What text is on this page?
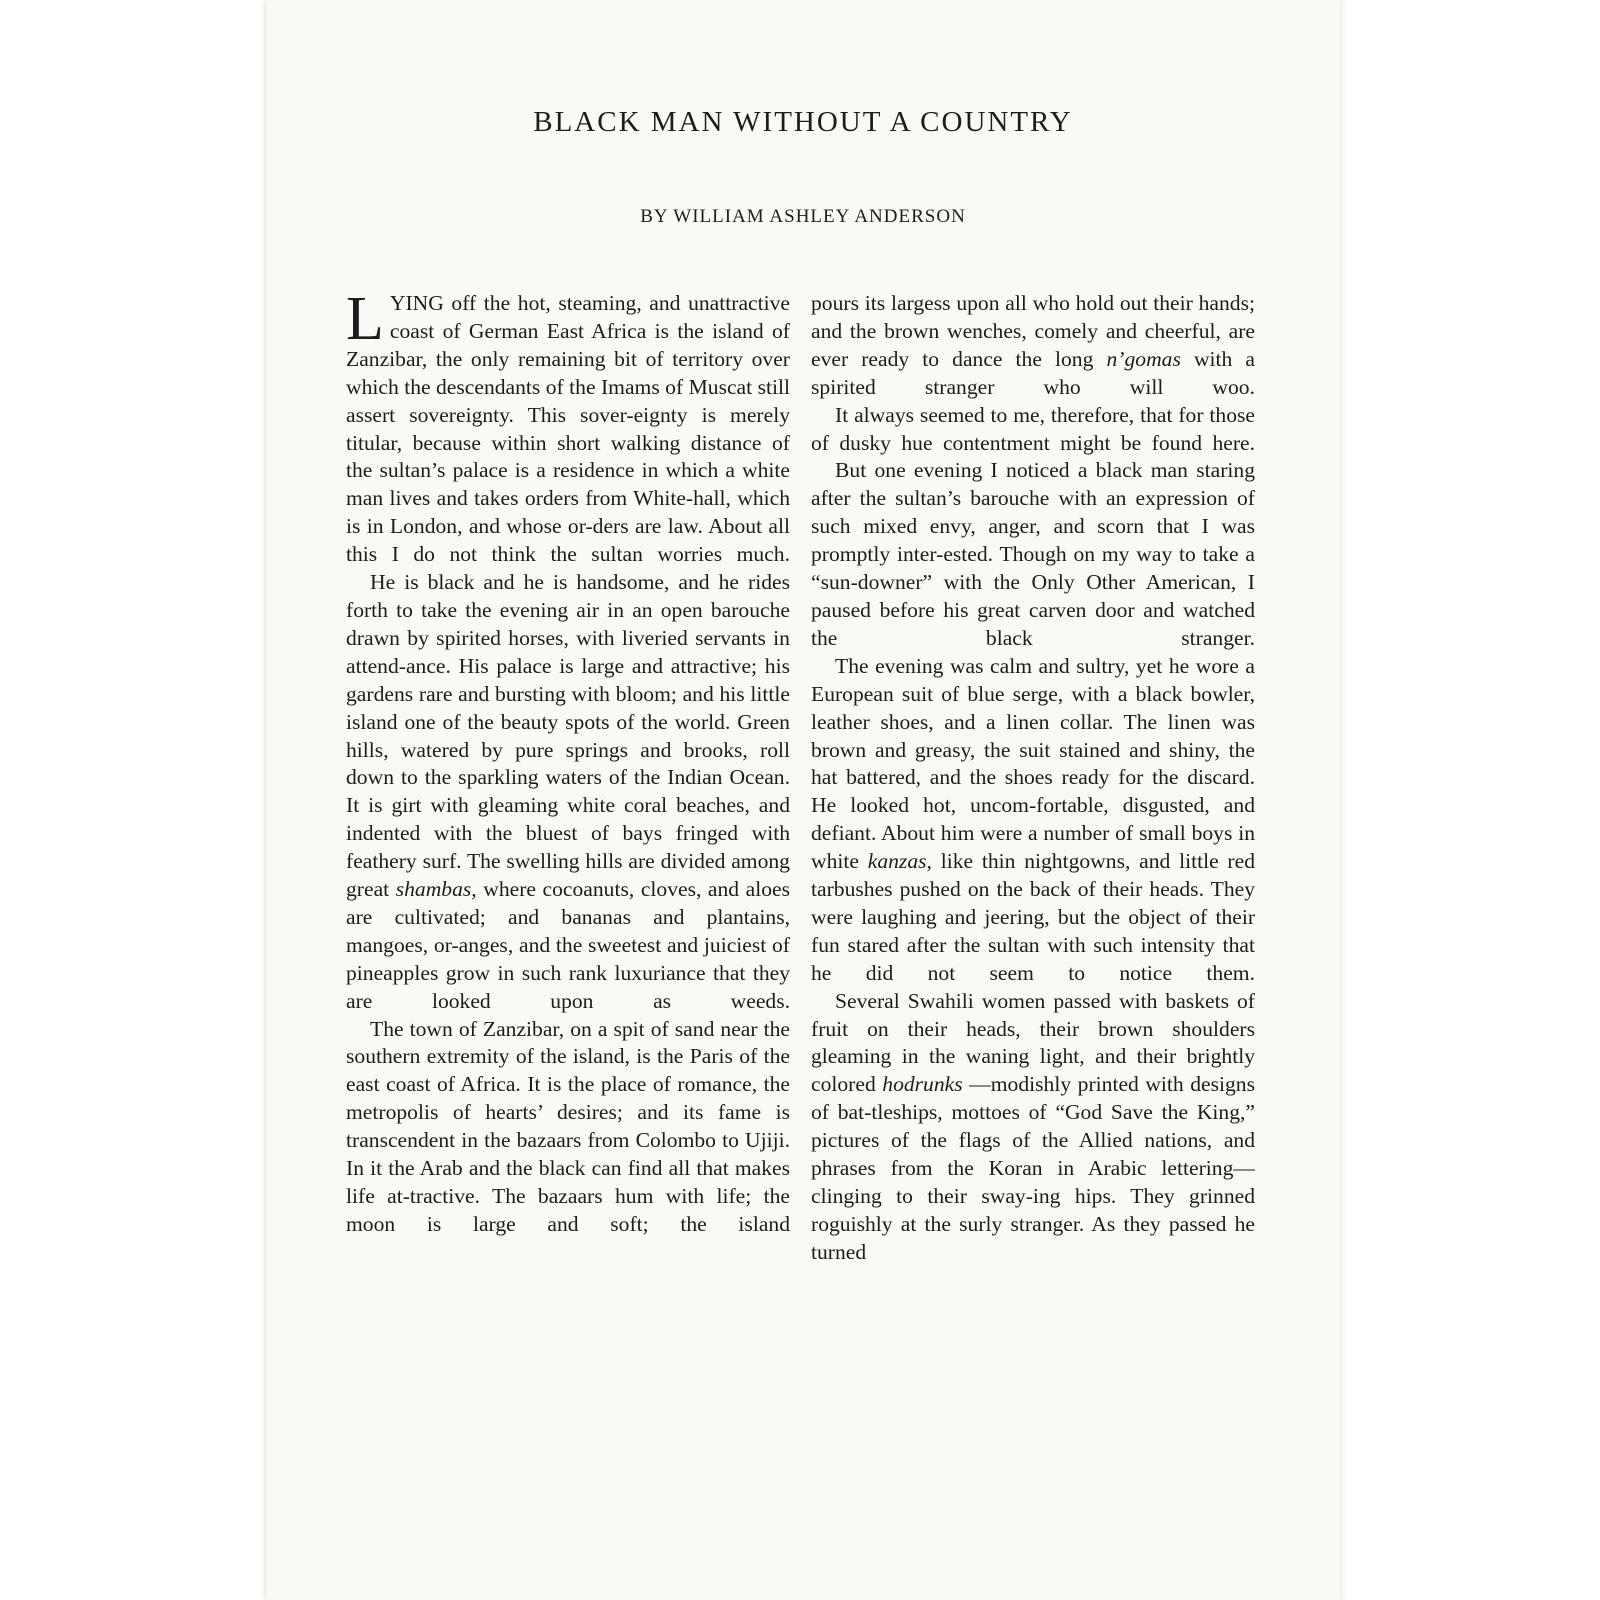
BLACK MAN WITHOUT A COUNTRY
BY WILLIAM ASHLEY ANDERSON

LYING off the hot, steaming, and unattractive coast of German East Africa is the island of Zanzibar, the only remaining bit of territory over which the descendants of the Imams of Muscat still assert sovereignty. This sover-eignty is merely titular, because within short walking distance of the sultan’s palace is a residence in which a white man lives and takes orders from White-hall, which is in London, and whose or-ders are law. About all this I do not think the sultan worries much.

He is black and he is handsome, and he rides forth to take the evening air in an open barouche drawn by spirited horses, with liveried servants in attend-ance. His palace is large and attractive; his gardens rare and bursting with bloom; and his little island one of the beauty spots of the world. Green hills, watered by pure springs and brooks, roll down to the sparkling waters of the Indian Ocean. It is girt with gleaming white coral beaches, and indented with the bluest of bays fringed with feathery surf. The swelling hills are divided among great shambas, where cocoanuts, cloves, and aloes are cultivated; and bananas and plantains, mangoes, or-anges, and the sweetest and juiciest of pineapples grow in such rank luxuriance that they are looked upon as weeds.

The town of Zanzibar, on a spit of sand near the southern extremity of the island, is the Paris of the east coast of Africa. It is the place of romance, the metropolis of hearts’ desires; and its fame is transcendent in the bazaars from Colombo to Ujiji. In it the Arab and the black can find all that makes life at-tractive. The bazaars hum with life; the moon is large and soft; the island

pours its largess upon all who hold out their hands; and the brown wenches, comely and cheerful, are ever ready to dance the long n’gomas with a spirited stranger who will woo.

It always seemed to me, therefore, that for those of dusky hue contentment might be found here.

But one evening I noticed a black man staring after the sultan’s barouche with an expression of such mixed envy, anger, and scorn that I was promptly inter-ested. Though on my way to take a “sun-downer” with the Only Other American, I paused before his great carven door and watched the black	stranger.

The evening was calm and sultry, yet he wore a European suit of blue serge, with a black bowler, leather shoes, and a linen collar. The linen was brown and greasy, the suit stained and shiny, the hat battered, and the shoes ready for the discard. He looked hot, uncom-fortable, disgusted, and defiant. About him were a number of small boys in white kanzas, like thin nightgowns, and little red tarbushes pushed on the back of their heads. They were laughing and jeering, but the object of their fun stared after the sultan with such intensity that he did not seem to notice them.

Several Swahili women passed with baskets of fruit on their heads, their brown shoulders gleaming in the waning light, and their brightly colored hodrunks —modishly printed with designs of bat-tleships, mottoes of “God Save the King,” pictures of the flags of the Allied nations, and phrases from the Koran in Arabic lettering—clinging to their sway-ing hips. They grinned roguishly at the surly stranger. As they passed he turned
